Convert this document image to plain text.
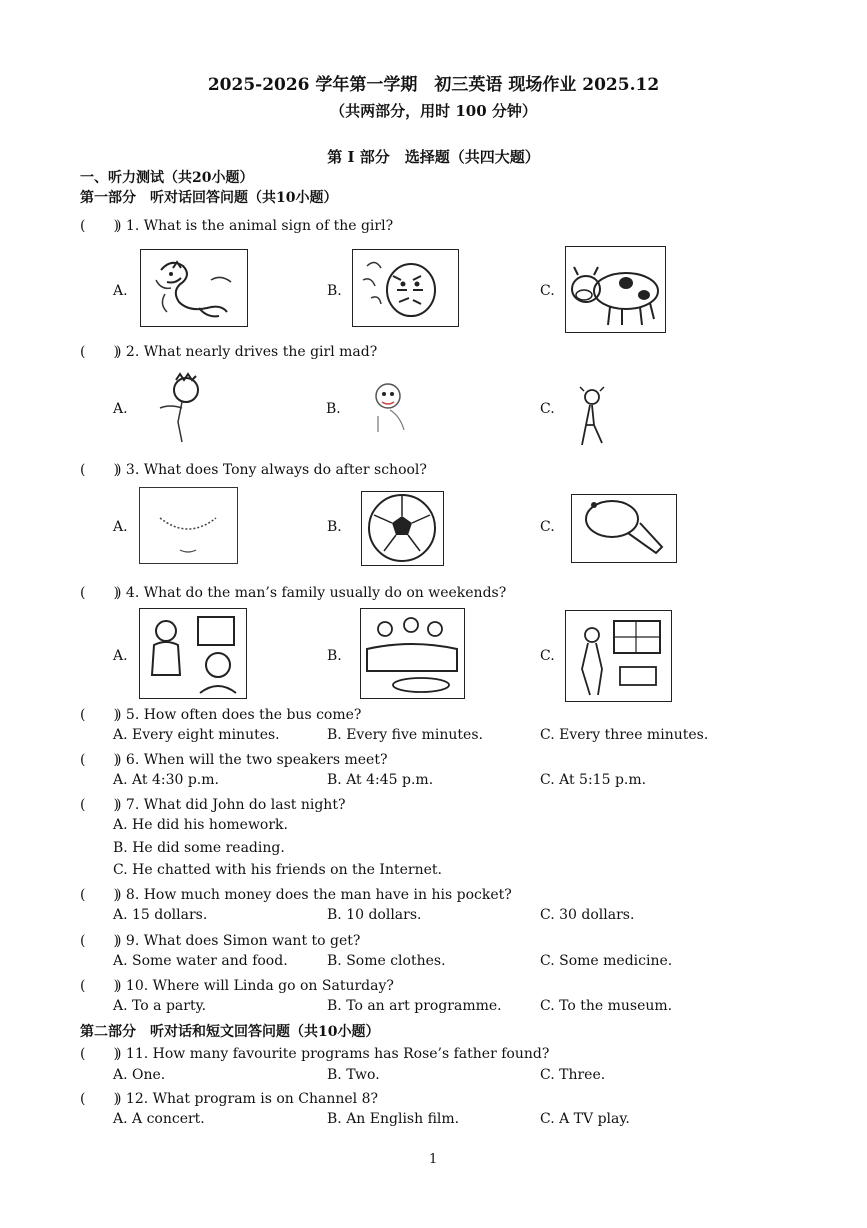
2025-2026 学年第一学期　初三英语 现场作业 2025.12
（共两部分，用时 100 分钟）
第 I 部分　选择题（共四大题）
一、听力测试（共20小题）
第一部分　听对话回答问题（共10小题）
(　　)) 1. What is the animal sign of the girl?
A.	B.	C.
(　　)) 2. What nearly drives the girl mad?
A.	B.	C.
(　　)) 3. What does Tony always do after school?
A.	B.	C.
(　　)) 4. What do the man’s family usually do on weekends?
A.	B.	C.
(　　)) 5. How often does the bus come?
A. Every eight minutes.	B. Every five minutes.	C. Every three minutes.
(　　)) 6. When will the two speakers meet?
A. At 4:30 p.m.	B. At 4:45 p.m.	C. At 5:15 p.m.
(　　)) 7. What did John do last night?
A. He did his homework.
B. He did some reading.
C. He chatted with his friends on the Internet.
(　　)) 8. How much money does the man have in his pocket?
A. 15 dollars.	B. 10 dollars.	C. 30 dollars.
(　　)) 9. What does Simon want to get?
A. Some water and food.	B. Some clothes.	C. Some medicine.
(　　)) 10. Where will Linda go on Saturday?
A. To a party.	B. To an art programme.	C. To the museum.
第二部分　听对话和短文回答问题（共10小题）
(　　)) 11. How many favourite programs has Rose’s father found?
A. One.	B. Two.	C. Three.
(　　)) 12. What program is on Channel 8?
A. A concert.	B. An English film.	C. A TV play.
1
